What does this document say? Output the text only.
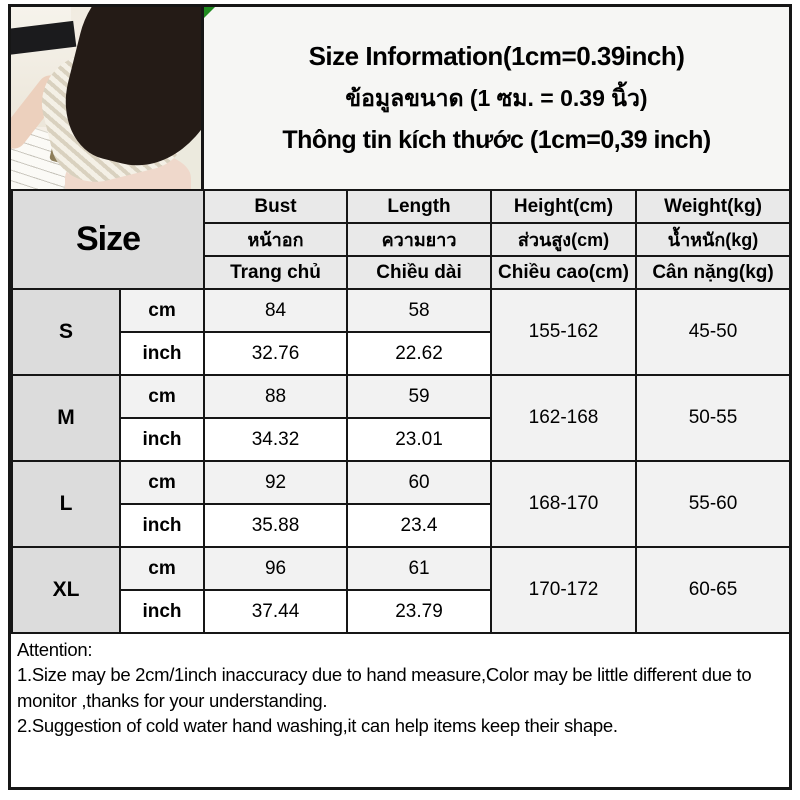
Size Information(1cm=0.39inch)
ข้อมูลขนาด (1 ซม. = 0.39 นิ้ว)
Thông tin kích thước (1cm=0,39 inch)
Size		Bust	Length	Height(cm)	Weight(kg)
		หน้าอก	ความยาว	ส่วนสูง(cm)	น้ำหนัก(kg)
		Trang chủ	Chiều dài	Chiều cao(cm)	Cân nặng(kg)
S	cm	84	58	155-162	45-50
	inch	32.76	22.62		
M	cm	88	59	162-168	50-55
	inch	34.32	23.01		
L	cm	92	60	168-170	55-60
	inch	35.88	23.4		
XL	cm	96	61	170-172	60-65
	inch	37.44	23.79		

Attention:

1.Size may be 2cm/1inch inaccuracy due to hand measure,Color may be little different due to monitor ,thanks for your understanding.

2.Suggestion of cold water hand washing,it can help items keep their shape.
